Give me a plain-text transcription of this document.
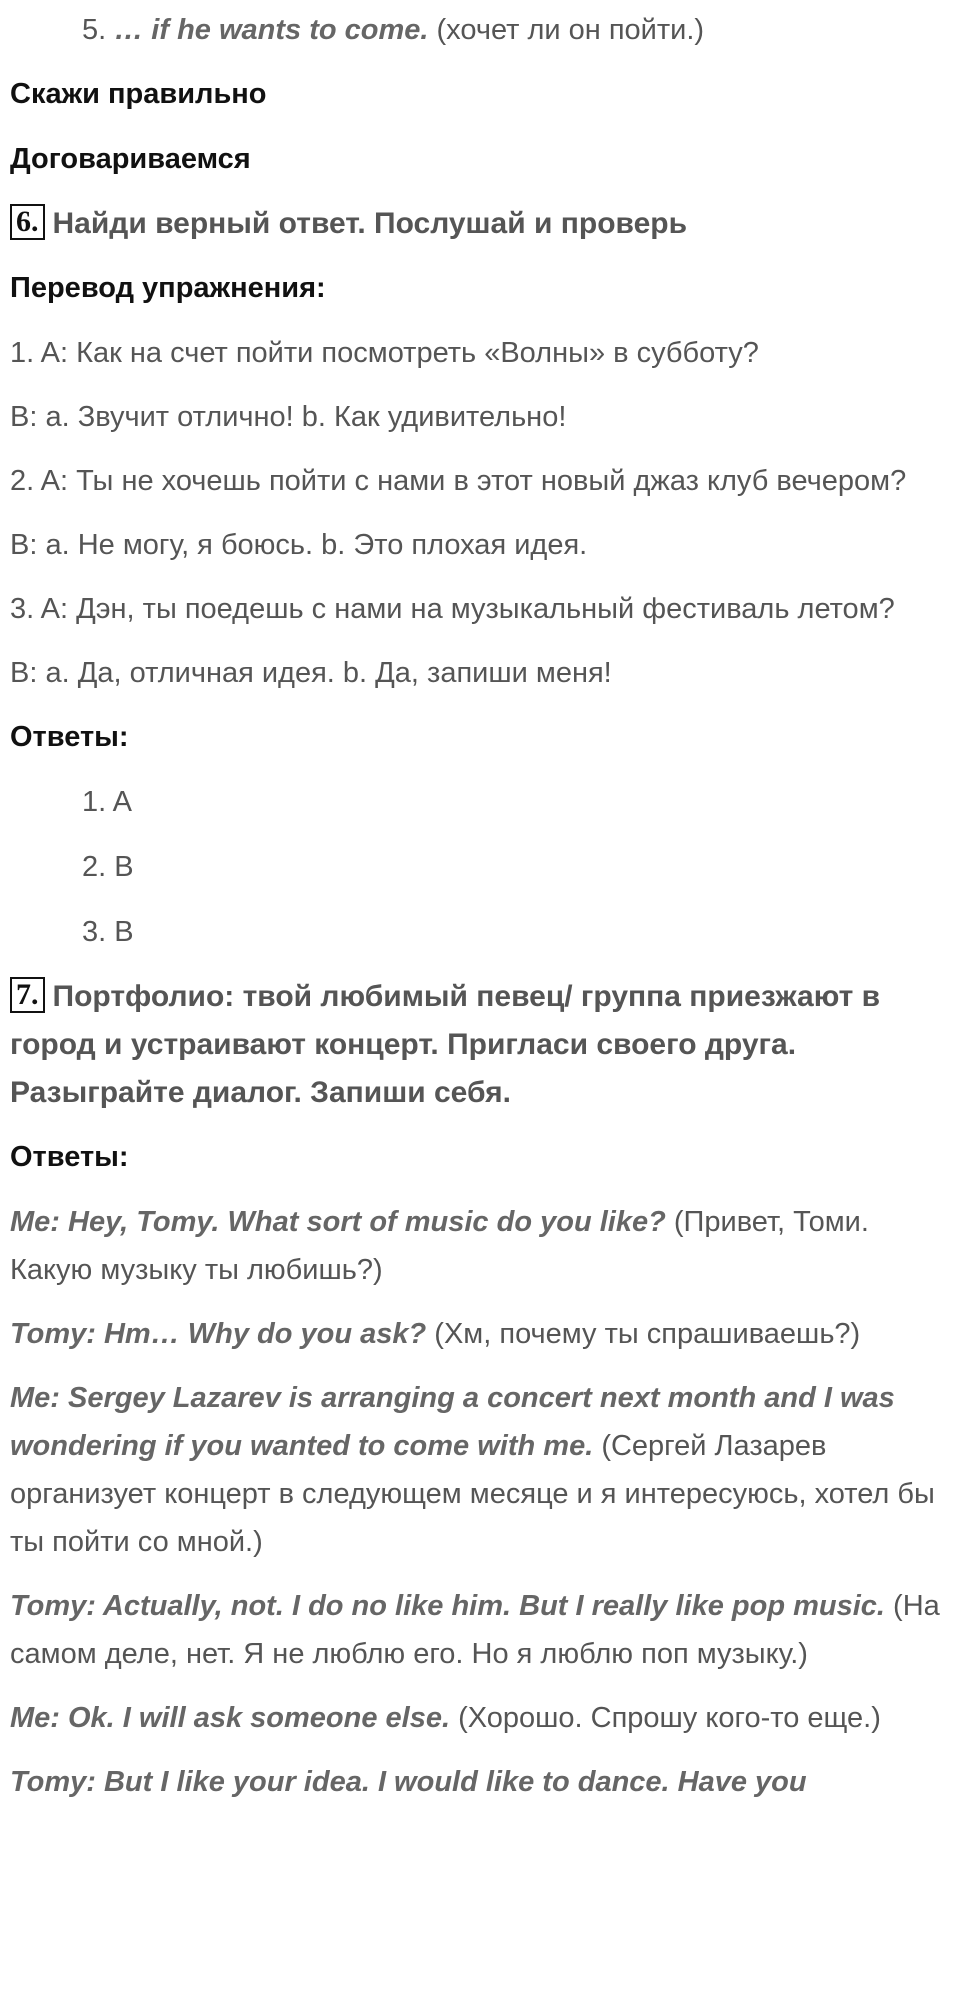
5. … if he wants to come. (хочет ли он пойти.)

Скажи правильно
Договариваемся
6. Найди верный ответ. Послушай и проверь
Перевод упражнения:

1. A: Как на счет пойти посмотреть «Волны» в субботу?

B: a. Звучит отлично! b. Как удивительно!

2. A: Ты не хочешь пойти с нами в этот новый джаз клуб вечером?

B: a. Не могу, я боюсь. b. Это плохая идея.

3. A: Дэн, ты поедешь с нами на музыкальный фестиваль летом?

B: a. Да, отличная идея. b. Да, запиши меня!

Ответы:

1. A

2. B

3. B

7. Портфолио: твой любимый певец/ группа приезжают в город и устраивают концерт. Пригласи своего друга. Разыграйте диалог. Запиши себя.
Ответы:

Me: Hey, Tomy. What sort of music do you like? (Привет, Томи. Какую музыку ты любишь?)

Tomy: Hm… Why do you ask? (Хм, почему ты спрашиваешь?)

Me: Sergey Lazarev is arranging a concert next month and I was wondering if you wanted to come with me. (Сергей Лазарев организует концерт в следующем месяце и я интересуюсь, хотел бы ты пойти со мной.)

Tomy: Actually, not. I do no like him. But I really like pop music. (На самом деле, нет. Я не люблю его. Но я люблю поп музыку.)

Me: Ok. I will ask someone else. (Хорошо. Спрошу кого-то еще.)

Tomy: But I like your idea. I would like to dance. Have you
